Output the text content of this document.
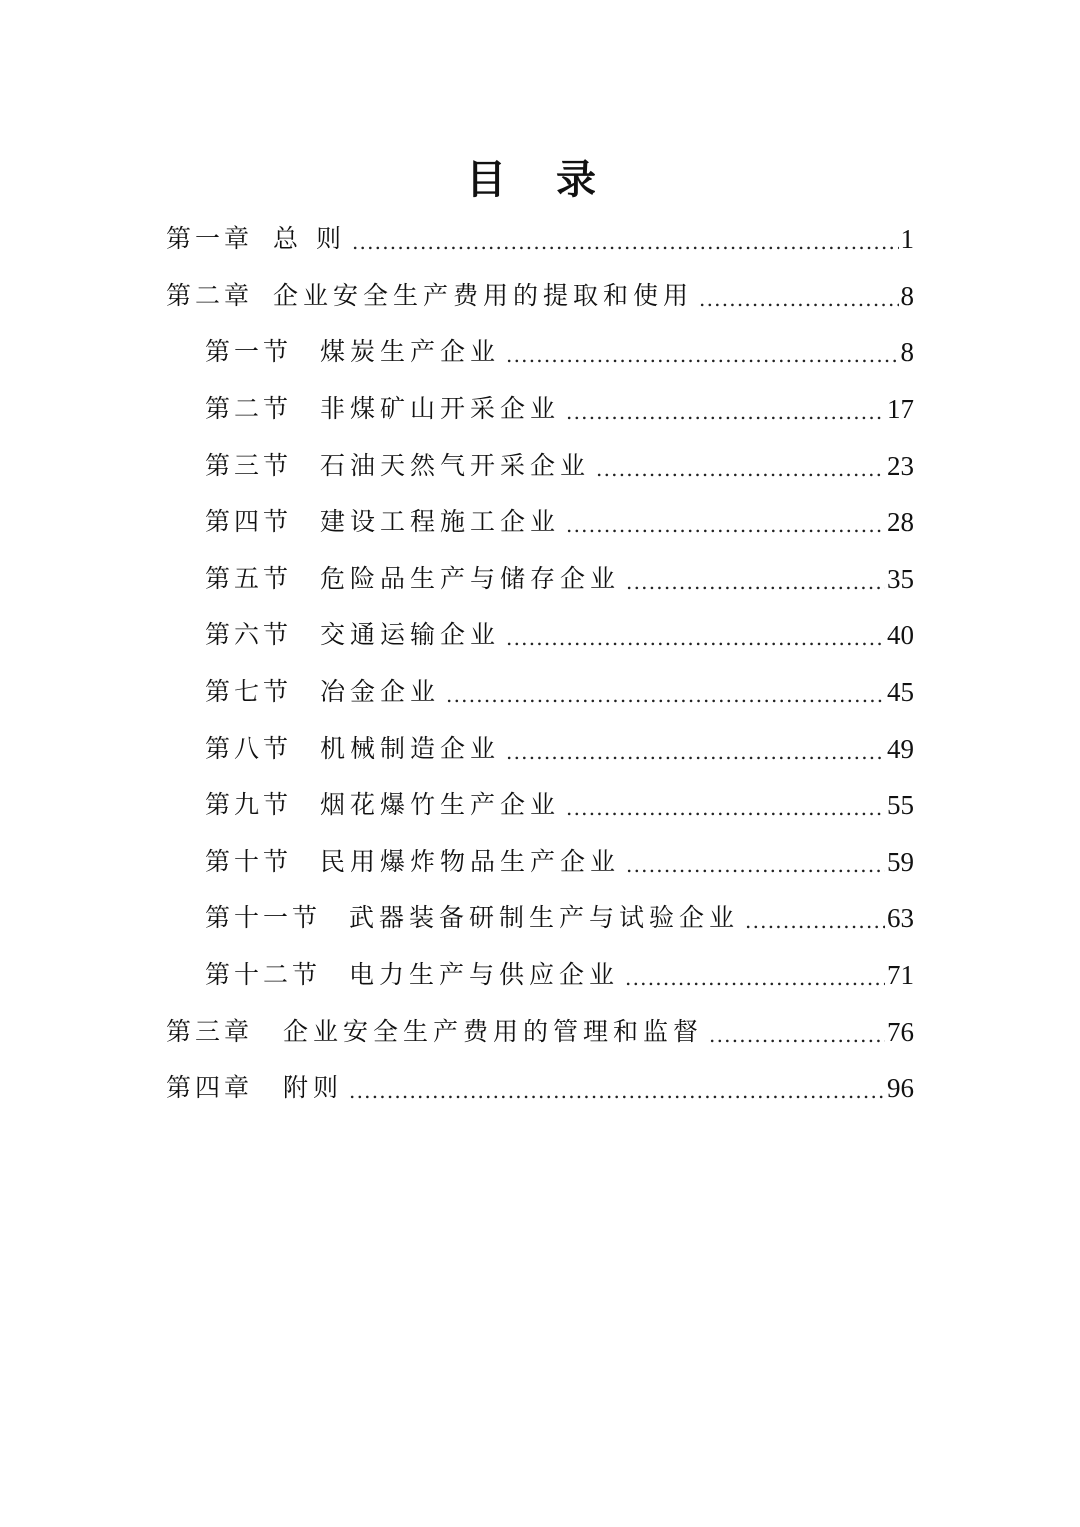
目 录
第一章 总 则 .....	1
第二章 企业安全生产费用的提取和使用 .....	8
第一节 煤炭生产企业 .....	8
第二节 非煤矿山开采企业 .....	17
第三节 石油天然气开采企业 .....	23
第四节 建设工程施工企业 .....	28
第五节 危险品生产与储存企业 .....	35
第六节 交通运输企业 .....	40
第七节 冶金企业 .....	45
第八节 机械制造企业 .....	49
第九节 烟花爆竹生产企业 .....	55
第十节 民用爆炸物品生产企业 .....	59
第十一节 武器装备研制生产与试验企业 .....	63
第十二节 电力生产与供应企业 .....	71
第三章 企业安全生产费用的管理和监督 .....	76
第四章 附则 .....	96
